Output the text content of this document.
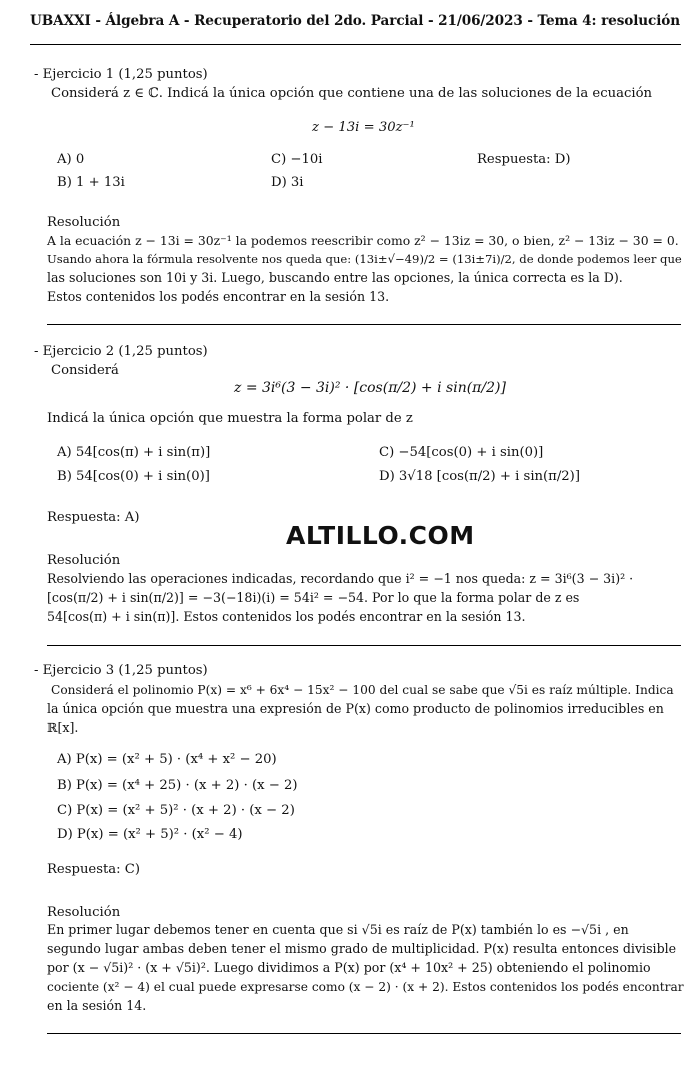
UBAXXI - Álgebra A - Recuperatorio del 2do. Parcial - 21/06/2023 - Tema 4: resolución
- Ejercicio 1 (1,25 puntos)
Considerá z ∈ ℂ. Indicá la única opción que contiene una de las soluciones de la ecuación
z − 13i = 30z⁻¹
A) 0
B) 1 + 13i
C) −10i
D) 3i
Respuesta: D)
Resolución
A la ecuación z − 13i = 30z⁻¹ la podemos reescribir como z² − 13iz = 30, o bien, z² − 13iz − 30 = 0.
Usando ahora la fórmula resolvente nos queda que: (13i±√−49)/2 = (13i±7i)/2, de donde podemos leer que
las soluciones son 10i y 3i. Luego, buscando entre las opciones, la única correcta es la D).
Estos contenidos los podés encontrar en la sesión 13.
- Ejercicio 2 (1,25 puntos)
Considerá
z = 3i⁶(3 − 3i)² · [cos(π/2) + i sin(π/2)]
Indicá la única opción que muestra la forma polar de z
A) 54[cos(π) + i sin(π)]
B) 54[cos(0) + i sin(0)]
C) −54[cos(0) + i sin(0)]
D) 3√18 [cos(π/2) + i sin(π/2)]
Respuesta: A)
ALTILLO.COM
Resolución
Resolviendo las operaciones indicadas, recordando que i² = −1 nos queda: z = 3i⁶(3 − 3i)² ·
[cos(π/2) + i sin(π/2)] = −3(−18i)(i) = 54i² = −54. Por lo que la forma polar de z es
54[cos(π) + i sin(π)]. Estos contenidos los podés encontrar en la sesión 13.
- Ejercicio 3 (1,25 puntos)
Considerá el polinomio P(x) = x⁶ + 6x⁴ − 15x² − 100 del cual se sabe que √5i es raíz múltiple. Indica
la única opción que muestra una expresión de P(x) como producto de polinomios irreducibles en
ℝ[x].
A) P(x) = (x² + 5) · (x⁴ + x² − 20)
B) P(x) = (x⁴ + 25) · (x + 2) · (x − 2)
C) P(x) = (x² + 5)² · (x + 2) · (x − 2)
D) P(x) = (x² + 5)² · (x² − 4)
Respuesta: C)
Resolución
En primer lugar debemos tener en cuenta que si √5i es raíz de P(x) también lo es −√5i , en
segundo lugar ambas deben tener el mismo grado de multiplicidad. P(x) resulta entonces divisible
por (x − √5i)² · (x + √5i)². Luego dividimos a P(x) por (x⁴ + 10x² + 25) obteniendo el polinomio
cociente (x² − 4) el cual puede expresarse como (x − 2) · (x + 2). Estos contenidos los podés encontrar
en la sesión 14.
